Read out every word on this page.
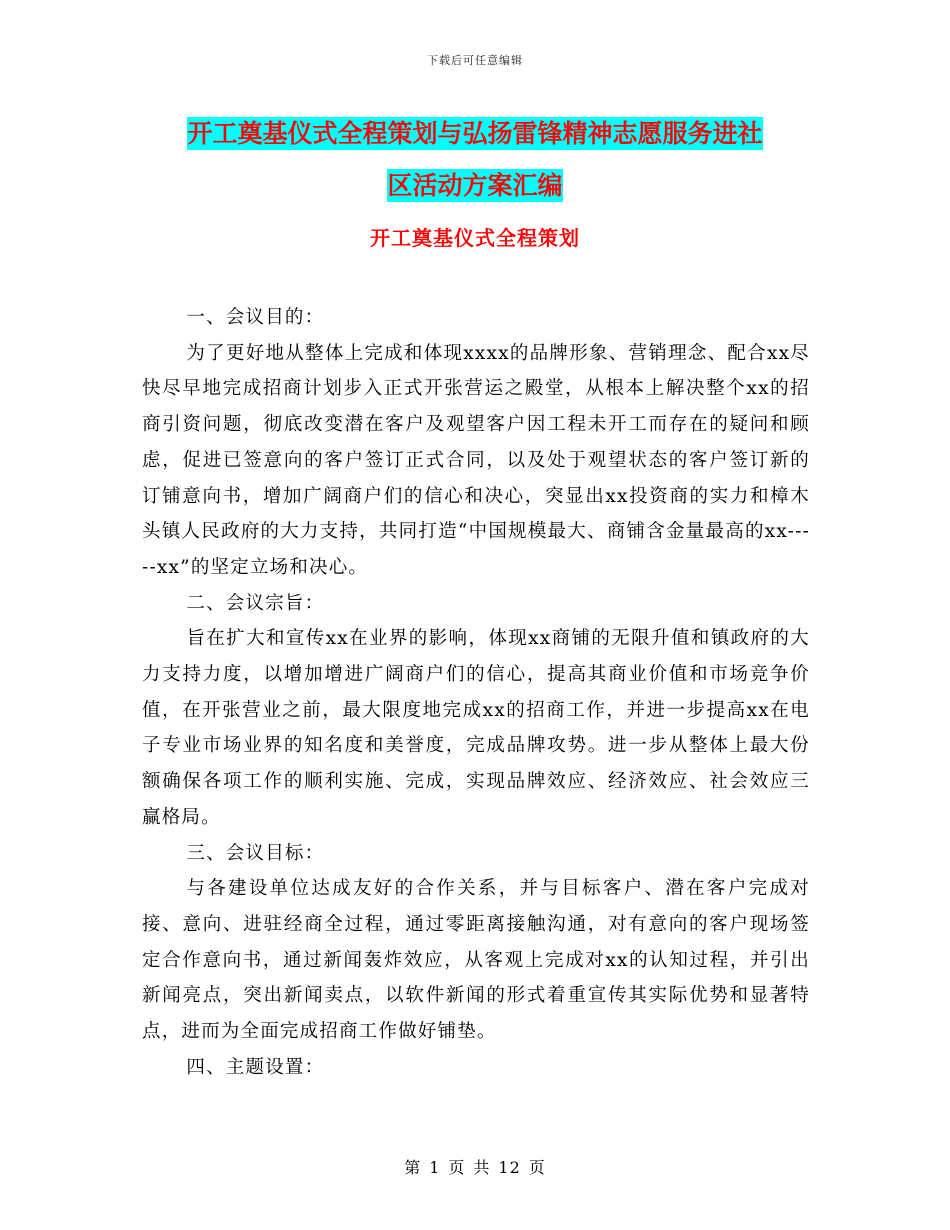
下载后可任意编辑
开工奠基仪式全程策划与弘扬雷锋精神志愿服务进社
区活动方案汇编
开工奠基仪式全程策划

一、会议目的：

为了更好地从整体上完成和体现xxxx的品牌形象、营销理念、配合xx尽快尽早地完成招商计划步入正式开张营运之殿堂，从根本上解决整个xx的招商引资问题，彻底改变潜在客户及观望客户因工程未开工而存在的疑问和顾虑，促进已签意向的客户签订正式合同，以及处于观望状态的客户签订新的订铺意向书，增加广阔商户们的信心和决心，突显出xx投资商的实力和樟木头镇人民政府的大力支持，共同打造“中国规模最大、商铺含金量最高的xx-----xx”的坚定立场和决心。

二、会议宗旨：

旨在扩大和宣传xx在业界的影响，体现xx商铺的无限升值和镇政府的大力支持力度，以增加增进广阔商户们的信心，提高其商业价值和市场竞争价值，在开张营业之前，最大限度地完成xx的招商工作，并进一步提高xx在电子专业市场业界的知名度和美誉度，完成品牌攻势。进一步从整体上最大份额确保各项工作的顺利实施、完成，实现品牌效应、经济效应、社会效应三赢格局。

三、会议目标：

与各建设单位达成友好的合作关系，并与目标客户、潜在客户完成对接、意向、进驻经商全过程，通过零距离接触沟通，对有意向的客户现场签定合作意向书，通过新闻轰炸效应，从客观上完成对xx的认知过程，并引出新闻亮点，突出新闻卖点，以软件新闻的形式着重宣传其实际优势和显著特点，进而为全面完成招商工作做好铺垫。

四、主题设置：

第 1 页 共 12 页
